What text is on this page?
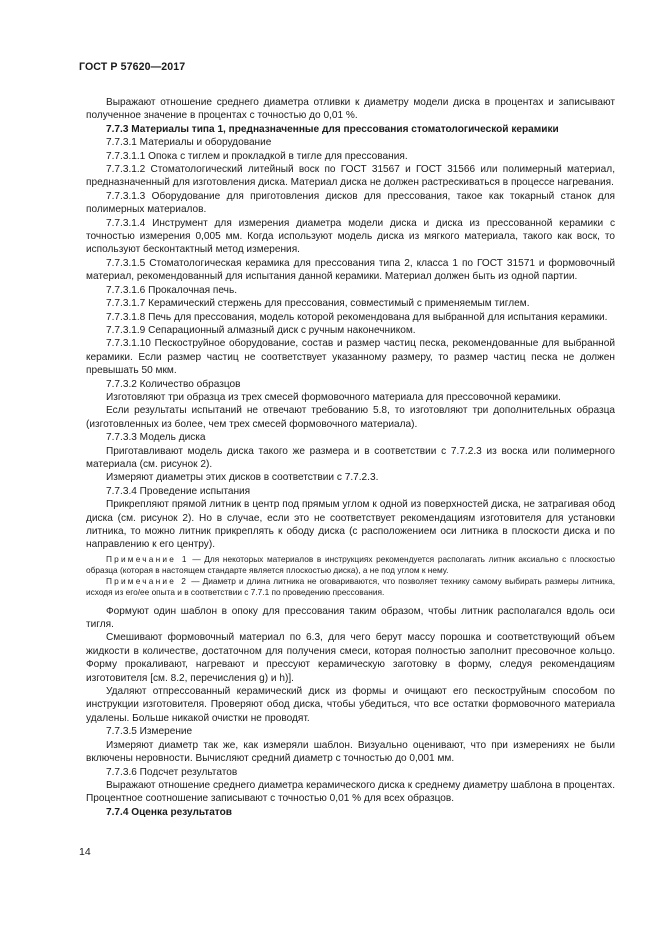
ГОСТ Р 57620—2017

Выражают отношение среднего диаметра отливки к диаметру модели диска в процентах и записывают полученное значение в процентах с точностью до 0,01 %.

7.7.3 Материалы типа 1, предназначенные для прессования стоматологической керамики

7.7.3.1 Материалы и оборудование

7.7.3.1.1 Опока с тиглем и прокладкой в тигле для прессования.

7.7.3.1.2 Стоматологический литейный воск по ГОСТ 31567 и ГОСТ 31566 или полимерный материал, предназначенный для изготовления диска. Материал диска не должен растрескиваться в процессе нагревания.

7.7.3.1.3 Оборудование для приготовления дисков для прессования, такое как токарный станок для полимерных материалов.

7.7.3.1.4 Инструмент для измерения диаметра модели диска и диска из прессованной керамики с точностью измерения 0,005 мм. Когда используют модель диска из мягкого материала, такого как воск, то используют бесконтактный метод измерения.

7.7.3.1.5 Стоматологическая керамика для прессования типа 2, класса 1 по ГОСТ 31571 и формовочный материал, рекомендованный для испытания данной керамики. Материал должен быть из одной партии.

7.7.3.1.6 Прокалочная печь.

7.7.3.1.7 Керамический стержень для прессования, совместимый с применяемым тиглем.

7.7.3.1.8 Печь для прессования, модель которой рекомендована для выбранной для испытания керамики.

7.7.3.1.9 Сепарационный алмазный диск с ручным наконечником.

7.7.3.1.10 Пескоструйное оборудование, состав и размер частиц песка, рекомендованные для выбранной керамики. Если размер частиц не соответствует указанному размеру, то размер частиц песка не должен превышать 50 мкм.

7.7.3.2 Количество образцов

Изготовляют три образца из трех смесей формовочного материала для прессовочной керамики.

Если результаты испытаний не отвечают требованию 5.8, то изготовляют три дополнительных образца (изготовленных из более, чем трех смесей формовочного материала).

7.7.3.3 Модель диска

Приготавливают модель диска такого же размера и в соответствии с 7.7.2.3 из воска или полимерного материала (см. рисунок 2).

Измеряют диаметры этих дисков в соответствии с 7.7.2.3.

7.7.3.4 Проведение испытания

Прикрепляют прямой литник в центр под прямым углом к одной из поверхностей диска, не затрагивая обод диска (см. рисунок 2). Но в случае, если это не соответствует рекомендациям изготовителя для установки литника, то можно литник прикреплять к ободу диска (с расположением оси литника в плоскости диска и по направлению к его центру).

Примечание 1 — Для некоторых материалов в инструкциях рекомендуется располагать литник аксиально с плоскостью образца (которая в настоящем стандарте является плоскостью диска), а не под углом к нему.

Примечание 2 — Диаметр и длина литника не оговариваются, что позволяет технику самому выбирать размеры литника, исходя из его/ее опыта и в соответствии с 7.7.1 по проведению прессования.

Формуют один шаблон в опоку для прессования таким образом, чтобы литник располагался вдоль оси тигля.

Смешивают формовочный материал по 6.3, для чего берут массу порошка и соответствующий объем жидкости в количестве, достаточном для получения смеси, которая полностью заполнит пресовочное кольцо. Форму прокаливают, нагревают и прессуют керамическую заготовку в форму, следуя рекомендациям изготовителя [см. 8.2, перечисления g) и h)].

Удаляют отпрессованный керамический диск из формы и очищают его пескоструйным способом по инструкции изготовителя. Проверяют обод диска, чтобы убедиться, что все остатки формовочного материала удалены. Больше никакой очистки не проводят.

7.7.3.5 Измерение

Измеряют диаметр так же, как измеряли шаблон. Визуально оценивают, что при измерениях не были включены неровности. Вычисляют средний диаметр с точностью до 0,001 мм.

7.7.3.6 Подсчет результатов

Выражают отношение среднего диаметра керамического диска к среднему диаметру шаблона в процентах. Процентное соотношение записывают с точностью 0,01 % для всех образцов.

7.7.4 Оценка результатов

14
